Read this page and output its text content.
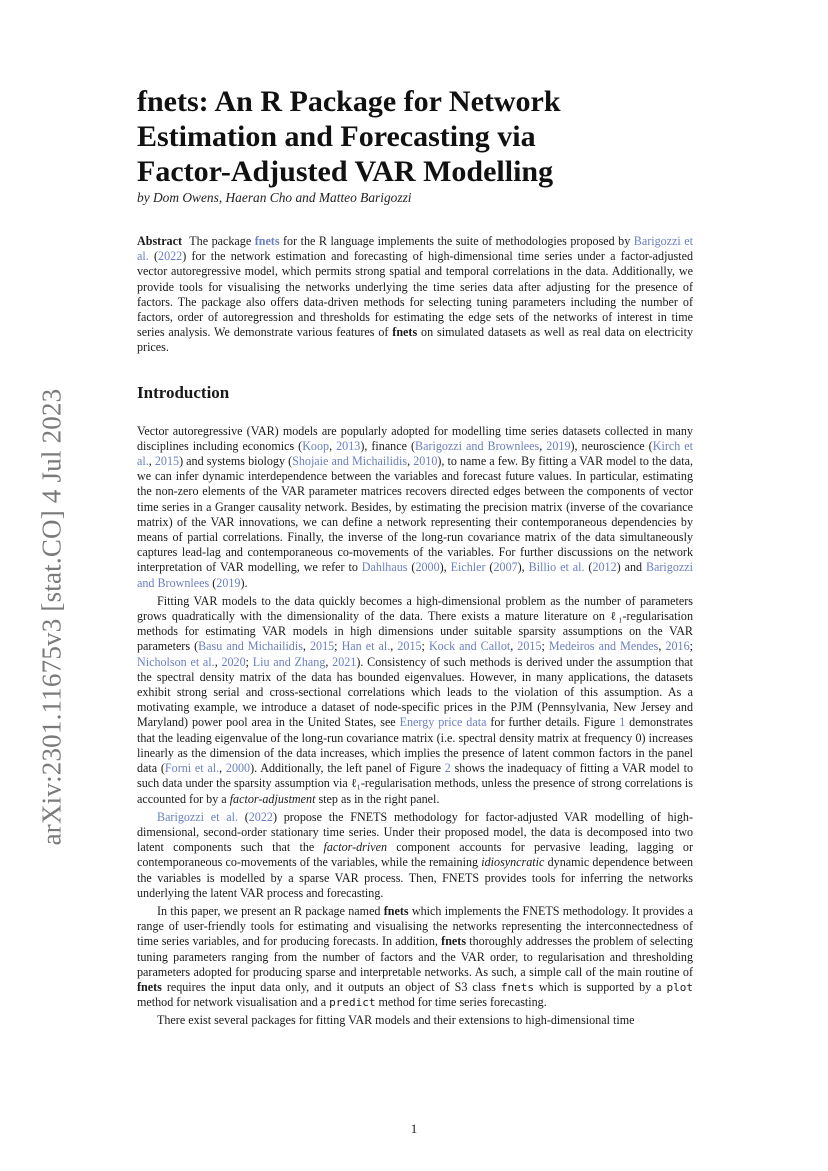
arXiv:2301.11675v3 [stat.CO] 4 Jul 2023
fnets: An R Package for Network
Estimation and Forecasting via
Factor-Adjusted VAR Modelling
by Dom Owens, Haeran Cho and Matteo Barigozzi
Abstract The package fnets for the R language implements the suite of methodologies proposed by Barigozzi et al. (2022) for the network estimation and forecasting of high-dimensional time series under a factor-adjusted vector autoregressive model, which permits strong spatial and temporal correlations in the data. Additionally, we provide tools for visualising the networks underlying the time series data after adjusting for the presence of factors. The package also offers data-driven methods for selecting tuning parameters including the number of factors, order of autoregression and thresholds for estimating the edge sets of the networks of interest in time series analysis. We demonstrate various features of fnets on simulated datasets as well as real data on electricity prices.
Introduction

Vector autoregressive (VAR) models are popularly adopted for modelling time series datasets collected in many disciplines including economics (Koop, 2013), finance (Barigozzi and Brownlees, 2019), neuroscience (Kirch et al., 2015) and systems biology (Shojaie and Michailidis, 2010), to name a few. By fitting a VAR model to the data, we can infer dynamic interdependence between the variables and forecast future values. In particular, estimating the non-zero elements of the VAR parameter matrices recovers directed edges between the components of vector time series in a Granger causality network. Besides, by estimating the precision matrix (inverse of the covariance matrix) of the VAR innovations, we can define a network representing their contemporaneous dependencies by means of partial correlations. Finally, the inverse of the long-run covariance matrix of the data simultaneously captures lead-lag and contemporaneous co-movements of the variables. For further discussions on the network interpretation of VAR modelling, we refer to Dahlhaus (2000), Eichler (2007), Billio et al. (2012) and Barigozzi and Brownlees (2019).

Fitting VAR models to the data quickly becomes a high-dimensional problem as the number of parameters grows quadratically with the dimensionality of the data. There exists a mature literature on ℓ₁-regularisation methods for estimating VAR models in high dimensions under suitable sparsity assumptions on the VAR parameters (Basu and Michailidis, 2015; Han et al., 2015; Kock and Callot, 2015; Medeiros and Mendes, 2016; Nicholson et al., 2020; Liu and Zhang, 2021). Consistency of such methods is derived under the assumption that the spectral density matrix of the data has bounded eigenvalues. However, in many applications, the datasets exhibit strong serial and cross-sectional correlations which leads to the violation of this assumption. As a motivating example, we introduce a dataset of node-specific prices in the PJM (Pennsylvania, New Jersey and Maryland) power pool area in the United States, see Energy price data for further details. Figure 1 demonstrates that the leading eigenvalue of the long-run covariance matrix (i.e. spectral density matrix at frequency 0) increases linearly as the dimension of the data increases, which implies the presence of latent common factors in the panel data (Forni et al., 2000). Additionally, the left panel of Figure 2 shows the inadequacy of fitting a VAR model to such data under the sparsity assumption via ℓ₁-regularisation methods, unless the presence of strong correlations is accounted for by a factor-adjustment step as in the right panel.

Barigozzi et al. (2022) propose the FNETS methodology for factor-adjusted VAR modelling of high-dimensional, second-order stationary time series. Under their proposed model, the data is decomposed into two latent components such that the factor-driven component accounts for pervasive leading, lagging or contemporaneous co-movements of the variables, while the remaining idiosyncratic dynamic dependence between the variables is modelled by a sparse VAR process. Then, FNETS provides tools for inferring the networks underlying the latent VAR process and forecasting.

In this paper, we present an R package named fnets which implements the FNETS methodology. It provides a range of user-friendly tools for estimating and visualising the networks representing the interconnectedness of time series variables, and for producing forecasts. In addition, fnets thoroughly addresses the problem of selecting tuning parameters ranging from the number of factors and the VAR order, to regularisation and thresholding parameters adopted for producing sparse and interpretable networks. As such, a simple call of the main routine of fnets requires the input data only, and it outputs an object of S3 class fnets which is supported by a plot method for network visualisation and a predict method for time series forecasting.

There exist several packages for fitting VAR models and their extensions to high-dimensional time

1
